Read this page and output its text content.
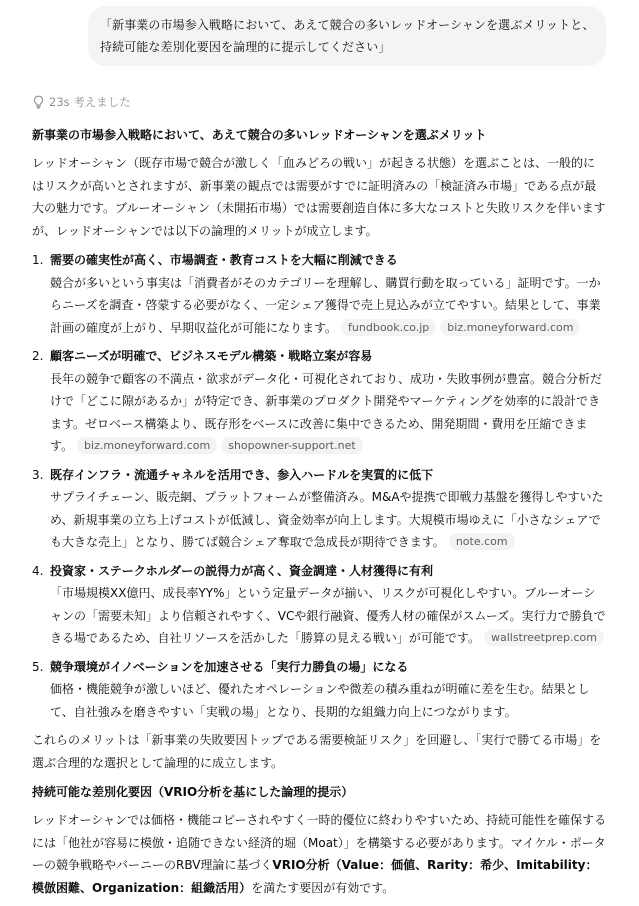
「新事業の市場参入戦略において、あえて競合の多いレッドオーシャンを選ぶメリットと、持続可能な差別化要因を論理的に提示してください」
23s 考えました
新事業の市場参入戦略において、あえて競合の多いレッドオーシャンを選ぶメリット

レッドオーシャン（既存市場で競合が激しく「血みどろの戦い」が起きる状態）を選ぶことは、一般的にはリスクが高いとされますが、新事業の観点では需要がすでに証明済みの「検証済み市場」である点が最大の魅力です。ブルーオーシャン（未開拓市場）では需要創造自体に多大なコストと失敗リスクを伴いますが、レッドオーシャンでは以下の論理的メリットが成立します。

1. 需要の確実性が高く、市場調査・教育コストを大幅に削減できる
競合が多いという事実は「消費者がそのカテゴリーを理解し、購買行動を取っている」証明です。一からニーズを調査・啓蒙する必要がなく、一定シェア獲得で売上見込みが立てやすい。結果として、事業計画の確度が上がり、早期収益化が可能になります。 fundbook.co.jp biz.moneyforward.com
2. 顧客ニーズが明確で、ビジネスモデル構築・戦略立案が容易
長年の競争で顧客の不満点・欲求がデータ化・可視化されており、成功・失敗事例が豊富。競合分析だけで「どこに隙があるか」が特定でき、新事業のプロダクト開発やマーケティングを効率的に設計できます。ゼロベース構築より、既存形をベースに改善に集中できるため、開発期間・費用を圧縮できます。 biz.moneyforward.com shopowner-support.net
3. 既存インフラ・流通チャネルを活用でき、参入ハードルを実質的に低下
サプライチェーン、販売網、プラットフォームが整備済み。M&Aや提携で即戦力基盤を獲得しやすいため、新規事業の立ち上げコストが低減し、資金効率が向上します。大規模市場ゆえに「小さなシェアでも大きな売上」となり、勝てば競合シェア奪取で急成長が期待できます。 note.com
4. 投資家・ステークホルダーの説得力が高く、資金調達・人材獲得に有利
「市場規模XX億円、成長率YY%」という定量データが揃い、リスクが可視化しやすい。ブルーオーシャンの「需要未知」より信頼されやすく、VCや銀行融資、優秀人材の確保がスムーズ。実行力で勝負できる場であるため、自社リソースを活かした「勝算の見える戦い」が可能です。 wallstreetprep.com
5. 競争環境がイノベーションを加速させる「実行力勝負の場」になる
価格・機能競争が激しいほど、優れたオペレーションや微差の積み重ねが明確に差を生む。結果として、自社強みを磨きやすい「実戦の場」となり、長期的な組織力向上につながります。

これらのメリットは「新事業の失敗要因トップである需要検証リスク」を回避し、「実行で勝てる市場」を選ぶ合理的な選択として論理的に成立します。

持続可能な差別化要因（VRIO分析を基にした論理的提示）

レッドオーシャンでは価格・機能コピーされやすく一時的優位に終わりやすいため、持続可能性を確保するには「他社が容易に模倣・追随できない経済的堀（Moat）」を構築する必要があります。マイケル・ポーターの競争戦略やバーニーのRBV理論に基づくVRIO分析（Value：価値、Rarity：希少、Imitability：模倣困難、Organization：組織活用）を満たす要因が有効です。
